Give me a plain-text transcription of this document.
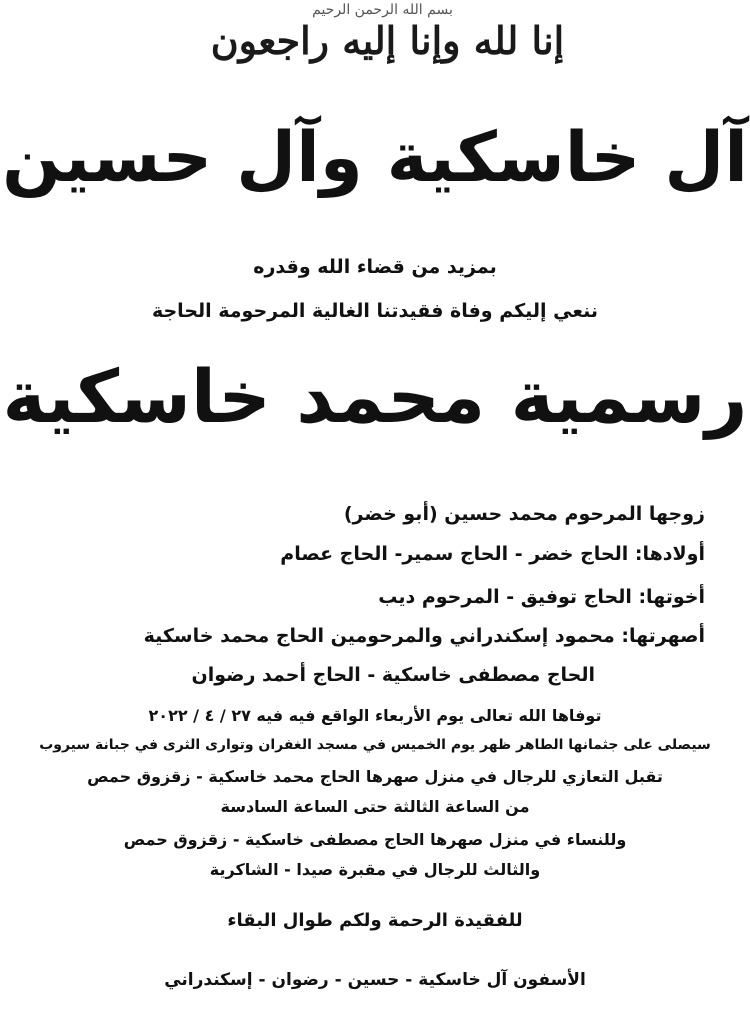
بسم الله الرحمن الرحيم
إنا لله وإنا إليه راجعون
آل خاسكية وآل حسين
بمزيد من قضاء الله وقدره
ننعي إليكم وفاة فقيدتنا الغالية المرحومة الحاجة
رسمية محمد خاسكية
زوجها المرحوم محمد حسين (أبو خضر)
أولادها: الحاج خضر - الحاج سمير- الحاج عصام
أخوتها: الحاج توفيق - المرحوم ديب
أصهرتها: محمود إسكندراني والمرحومين الحاج محمد خاسكية
الحاج مصطفى خاسكية - الحاج أحمد رضوان
توفاها الله تعالى يوم الأربعاء الواقع فيه فيه ٢٧ / ٤ / ٢٠٢٢
سيصلى على جثمانها الطاهر ظهر يوم الخميس في مسجد الغفران وتوارى الثرى في جبانة سيروب
تقبل التعازي للرجال في منزل صهرها الحاج محمد خاسكية - زقزوق حمص
من الساعة الثالثة حتى الساعة السادسة
وللنساء في منزل صهرها الحاج مصطفى خاسكية - زقزوق حمص
والثالث للرجال في مقبرة صيدا - الشاكرية
للفقيدة الرحمة ولكم طوال البقاء
الأسفون آل خاسكية - حسين - رضوان - إسكندراني
